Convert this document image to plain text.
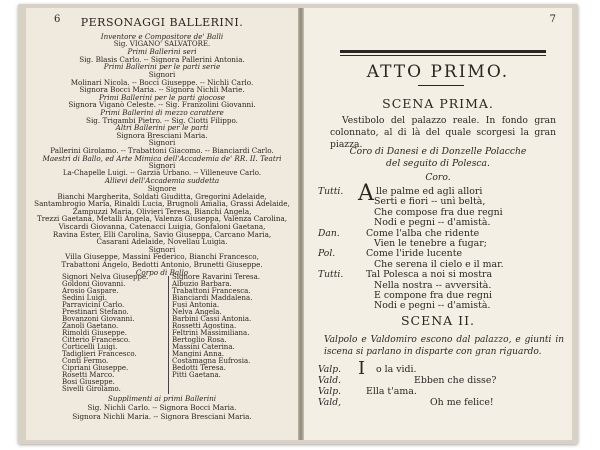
6	PERSONAGGI BALLERINI.
Inventore e Compositore de' Balli
Sig. VIGANO' SALVATORE.
Primi Ballerini seri
Sig. Blasis Carlo. -- Signora Pallerini Antonia.
Primi Ballerini per le parti serie
Signori
Molinari Nicola. -- Bocci Giuseppe. -- Nichli Carlo.
Signora Bocci Maria. -- Signora Nichli Marie.
Primi Ballerini per le parti giocose
Signora Viganò Celeste. -- Sig. Franzolini Giovanni.
Primi Ballerini di mezzo carattere
Sig. Trigambi Pietro. -- Sig. Ciotti Filippo.
Altri Ballerini per le parti
Signora Bresciani Maria.
Signori
Pallerini Girolamo. -- Trabattoni Giacomo. -- Bianciardi Carlo.
Maestri di Ballo, ed Arte Mimica dell'Accademia de' RR. II. Teatri
Signori
La-Chapelle Luigi. -- Garzia Urbano. -- Villeneuve Carlo.
Allievi dell'Accademia suddetta
Signore
Bianchi Margherita, Soldati Giuditta, Gregorini Adelaide,
Santambrogio Maria, Rinaldi Lucia, Brugnoli Amalia, Grassi Adelaide,
Zampuzzi Maria, Olivieri Teresa, Bianchi Angela,
Trezzi Gaetana, Metalli Angela, Valenza Giuseppa, Valenza Carolina,
Viscardi Giovanna, Catenacci Luigia, Gonfaloni Gaetana,
Ravina Ester, Elli Carolina, Savio Giuseppa, Carcano Maria,
Casarani Adelaide, Novellau Luigia.
Signori
Villa Giuseppe, Massini Federico, Bianchi Francesco,
Trabattoni Angelo, Bedotti Antonio, Brunetti Giuseppe.
Corpo di Ballo
Signori Nelva Giuseppe.
Goldoni Giovanni.
Arosio Gaspare.
Sedini Luigi.
Parravicini Carlo.
Prestinari Stefano.
Bovanzoni Giovanni.
Zanoli Gaetano.
Rimoldi Giuseppe.
Citterio Francesco.
Corticelli Luigi.
Tadiglieri Francesco.
Conti Fermo.
Cipriani Giuseppe.
Rosetti Marco.
Bosi Giuseppe.
Sivelli Girolamo.
Signore Ravarini Teresa.
Albuzio Barbara.
Trabattoni Francesca.
Bianciardi Maddalena.
Fusi Antonia.
Nelva Angela.
Barbini Cassi Antonia.
Rossetti Agostina.
Feltrini Massimiliana.
Bertoglio Rosa.
Massini Caterina.
Mangini Anna.
Costamagna Eufrosia.
Bedotti Teresa.
Pitti Gaetana.
Supplimenti ai primi Ballerini
Sig. Nichli Carlo. -- Signora Bocci Maria.
Signora Nichli Maria. -- Signora Bresciani Maria.
7
ATTO PRIMO.
SCENA PRIMA.
Vestibolo del palazzo reale. In fondo gran colonnato, al di là del quale scorgesi la gran piazza.
Coro di Danesi e di Donzelle Polacche
del seguito di Polesca.
Coro.
A
Tutti.	lle palme ed agli allori
Serti e fiori -- unì beltà,
Che compose fra due regni
Nodi e pegni -- d'amistà.
Dan.	Come l'alba che ridente
Vien le tenebre a fugar;
Pol.	Come l'iride lucente
Che serena il cielo e il mar.
Tutti. Tal Polesca a noi si mostra
Nella nostra -- avversità.
E compone fra due regni
Nodi e pegni -- d'amistà.
SCENA II.
Valpolo e Valdomiro escono dal palazzo, e giunti in iscena si parlano in disparte con gran riguardo.
I
Valp.	o la vidi.
Vald.	Ebben che disse?
Valp.	Ella t'ama.
Vald,	Oh me felice!
